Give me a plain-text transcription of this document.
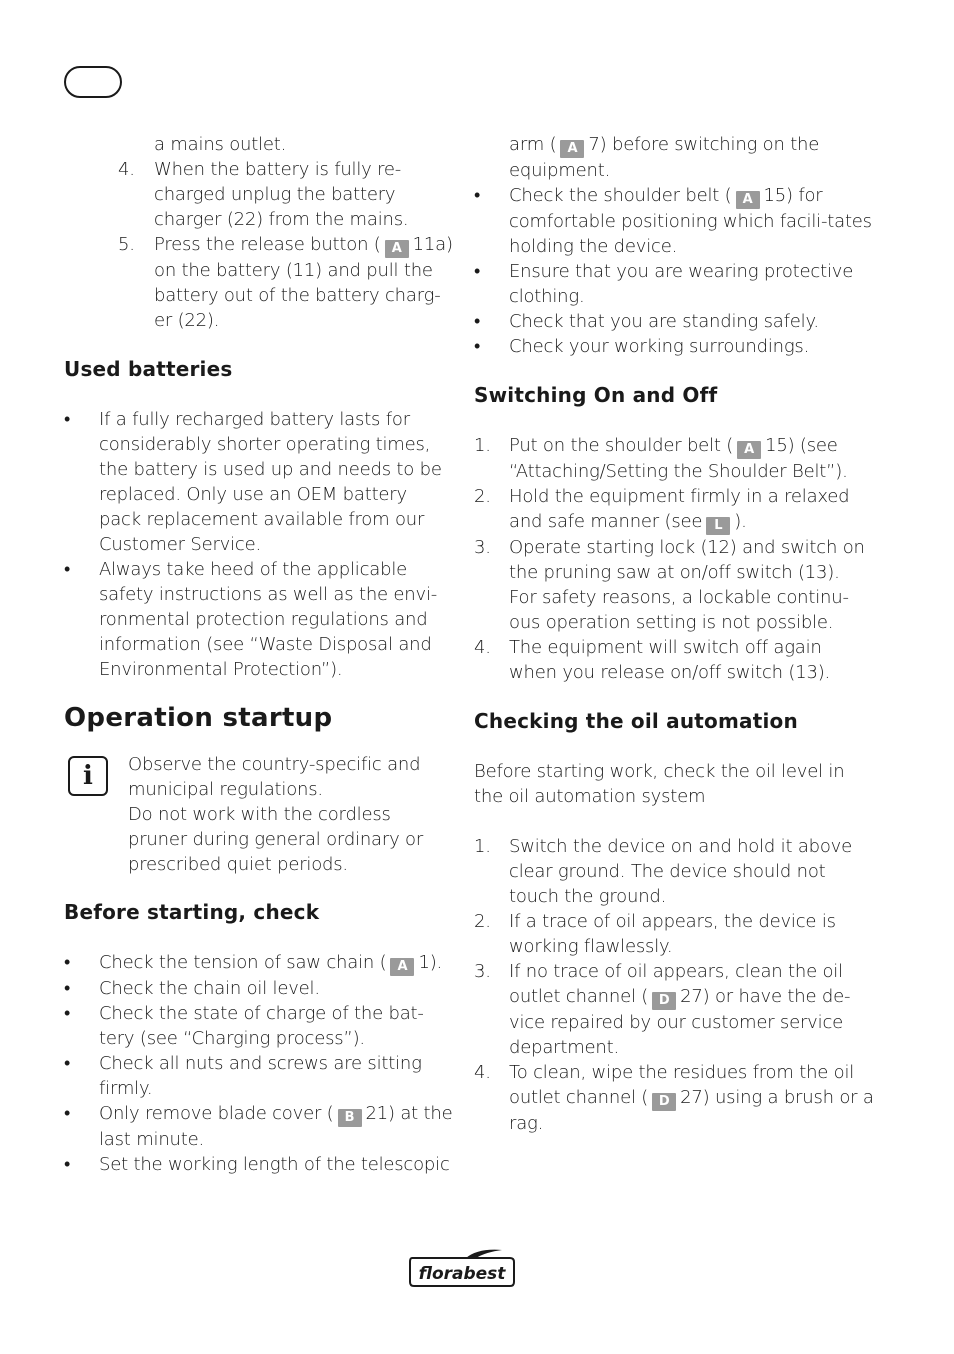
a mains outlet.
4. When the battery is fully re-charged unplug the battery charger (22) from the mains.
5. Press the release button ( A 11a) on the battery (11) and pull the battery out of the battery charg-er (22).
Used batteries
• If a fully recharged battery lasts for considerably shorter operating times, the battery is used up and needs to be replaced. Only use an OEM battery pack replacement available from our Customer Service.
• Always take heed of the applicable safety instructions as well as the envi-ronmental protection regulations and information (see “Waste Disposal and Environmental Protection”).
Operation startup
i	Observe the country-specific and municipal regulations.
Do not work with the cordless pruner during general ordinary or prescribed quiet periods.
Before starting, check
• Check the tension of saw chain ( A 1).
• Check the chain oil level.
• Check the state of charge of the bat-tery (see “Charging process”).
• Check all nuts and screws are sitting firmly.
• Only remove blade cover ( B 21) at the last minute.
• Set the working length of the telescopic
arm ( A 7) before switching on the equipment.
• Check the shoulder belt ( A 15) for comfortable positioning which facili-tates holding the device.
• Ensure that you are wearing protective clothing.
• Check that you are standing safely.
• Check your working surroundings.
Switching On and Off
1. Put on the shoulder belt ( A 15) (see “Attaching/Setting the Shoulder Belt”).
2. Hold the equipment firmly in a relaxed and safe manner (see L ).
3. Operate starting lock (12) and switch on the pruning saw at on/off switch (13).
For safety reasons, a lockable continu-ous operation setting is not possible.
4. The equipment will switch off again when you release on/off switch (13).
Checking the oil automation
Before starting work, check the oil level in the oil automation system
1. Switch the device on and hold it above clear ground. The device should not touch the ground.
2. If a trace of oil appears, the device is working flawlessly.
3. If no trace of oil appears, clean the oil outlet channel ( D 27) or have the de-vice repaired by our customer service department.
4. To clean, wipe the residues from the oil outlet channel ( D 27) using a brush or a rag.
florabest
